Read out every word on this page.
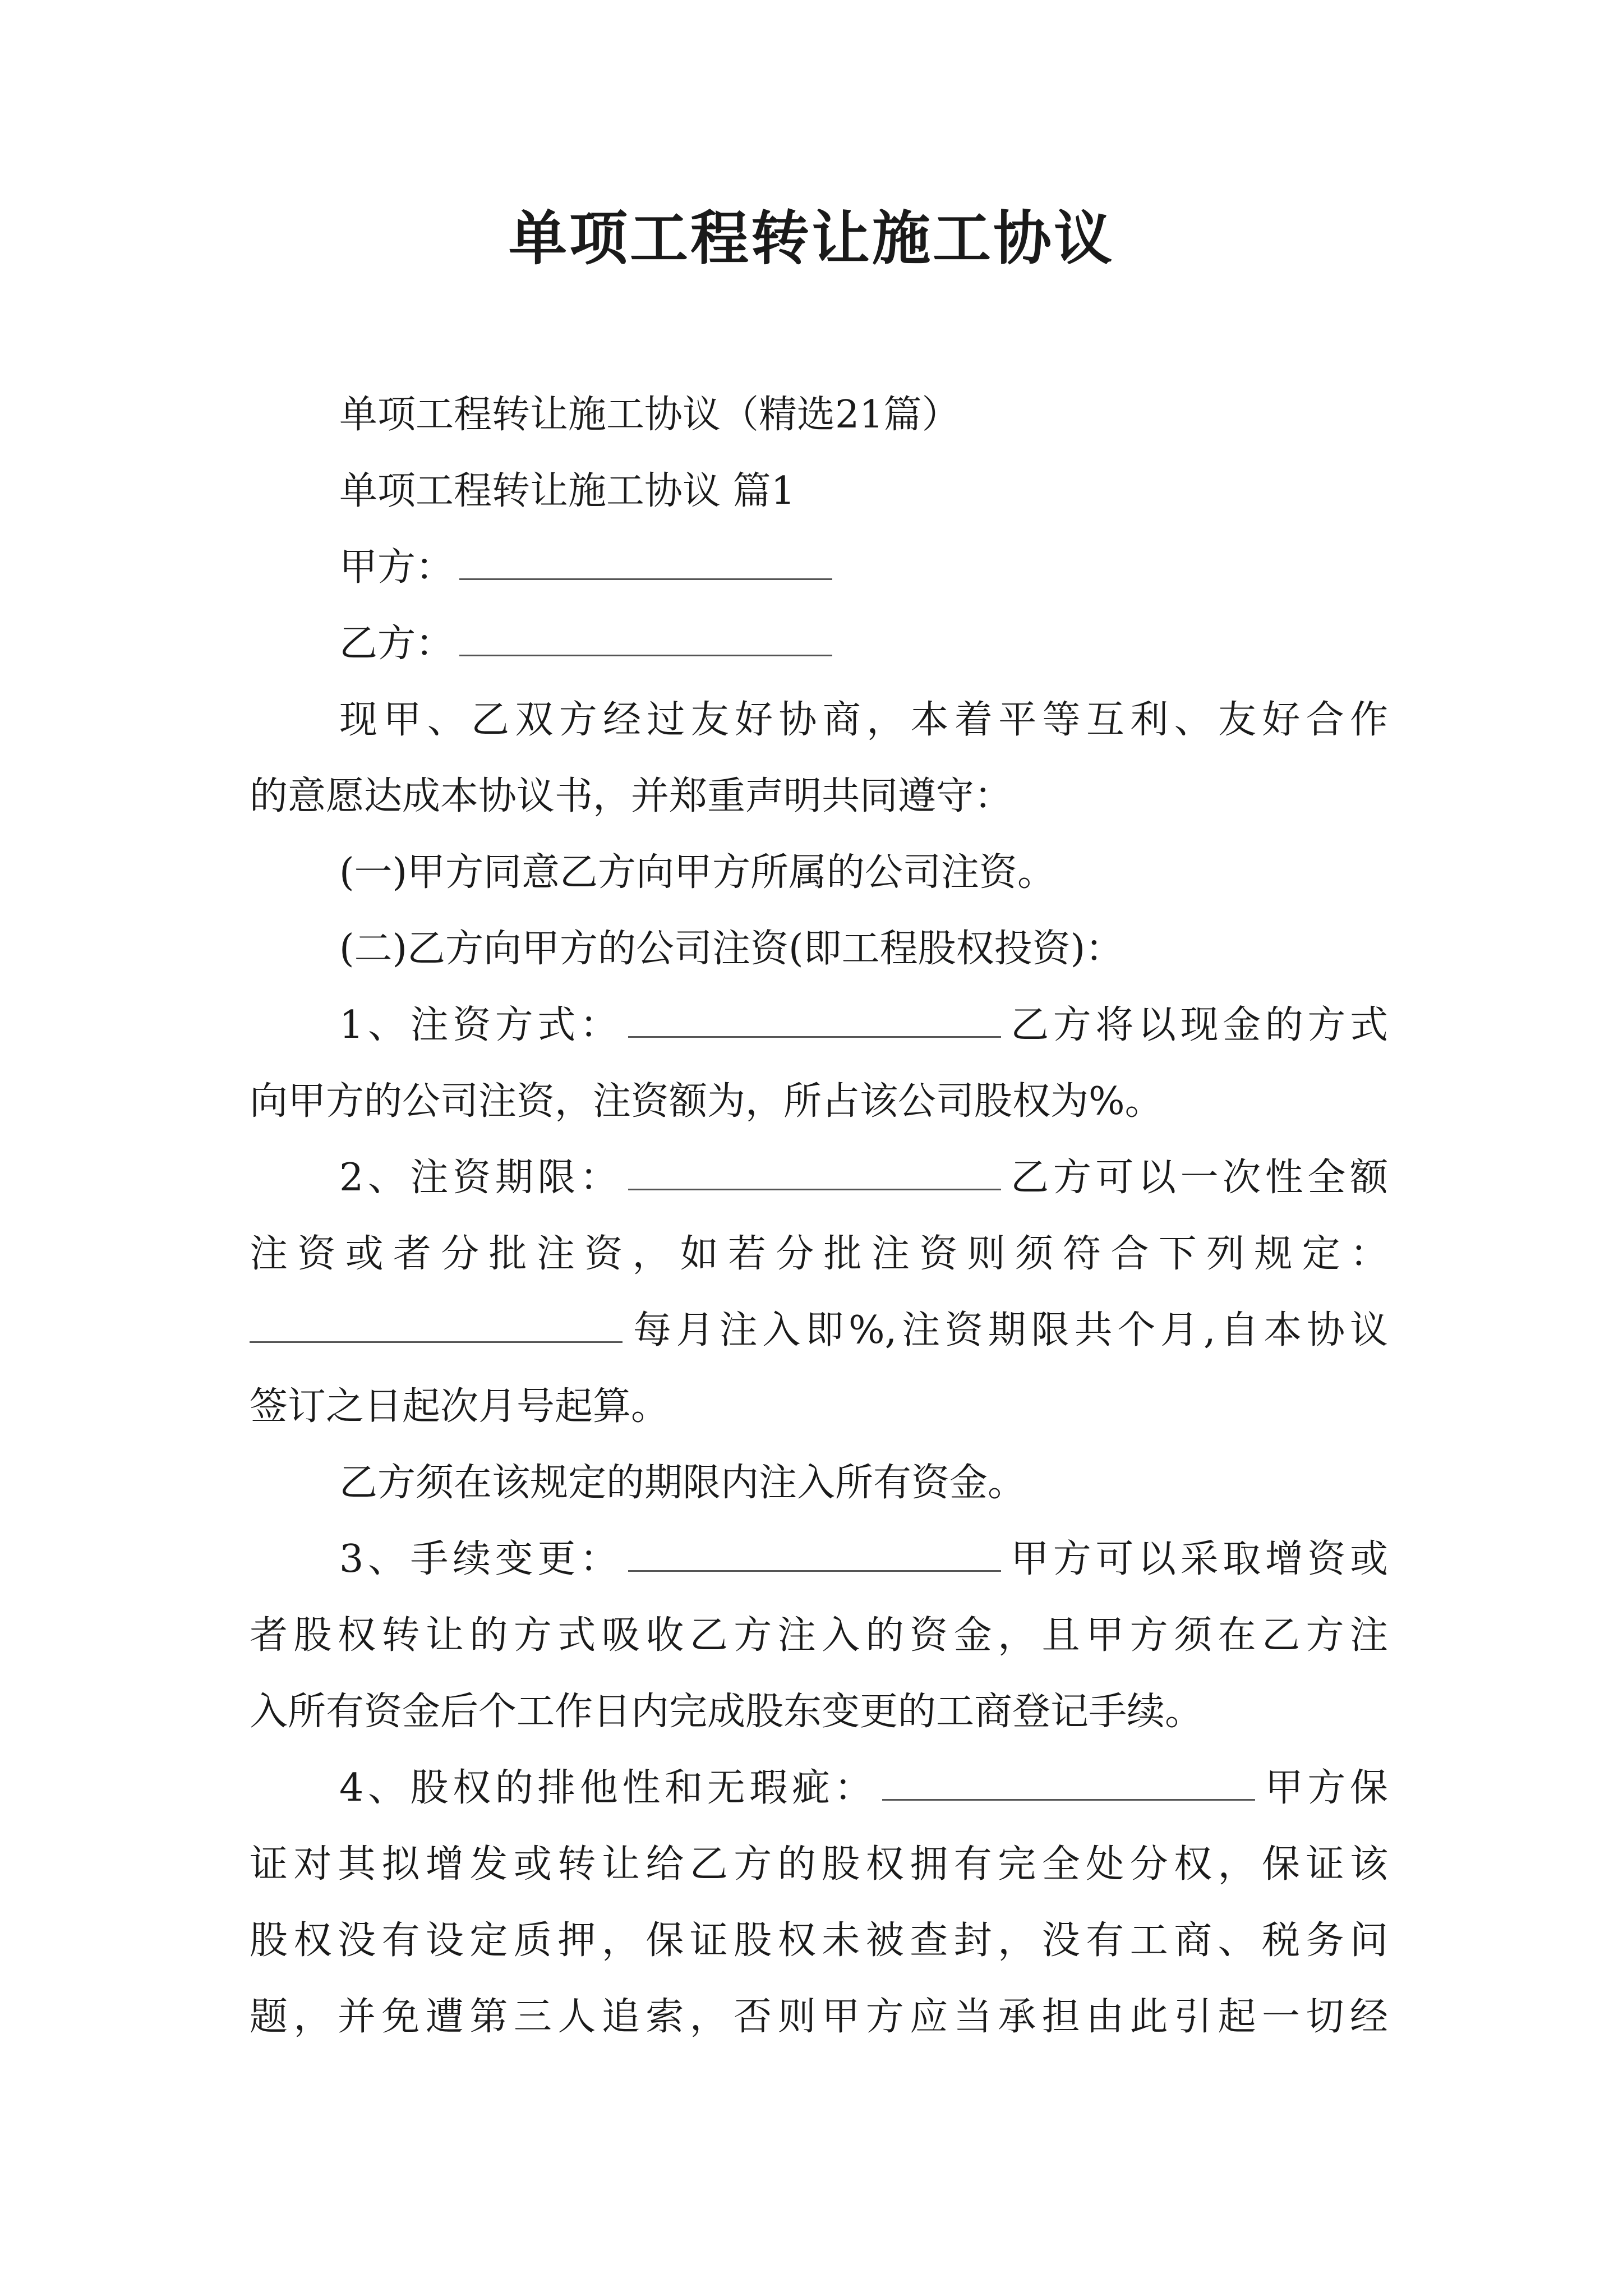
单项工程转让施工协议
单项工程转让施工协议（精选21篇）
单项工程转让施工协议 篇1
甲方：
乙方：
现甲、乙双方经过友好协商，本着平等互利、友好合作
的意愿达成本协议书，并郑重声明共同遵守：
(一)甲方同意乙方向甲方所属的公司注资。
(二)乙方向甲方的公司注资(即工程股权投资)：
1、注资方式：	乙方将以现金的方式
向甲方的公司注资，注资额为，所占该公司股权为%。
2、注资期限：	乙方可以一次性全额
注资或者分批注资，如若分批注资则须符合下列规定：
每月注入即%,注资期限共个月,自本协议
签订之日起次月号起算。
乙方须在该规定的期限内注入所有资金。
3、手续变更：	甲方可以采取增资或
者股权转让的方式吸收乙方注入的资金，且甲方须在乙方注
入所有资金后个工作日内完成股东变更的工商登记手续。
4、股权的排他性和无瑕疵：	甲方保
证对其拟增发或转让给乙方的股权拥有完全处分权，保证该
股权没有设定质押，保证股权未被查封，没有工商、税务问
题，并免遭第三人追索，否则甲方应当承担由此引起一切经
